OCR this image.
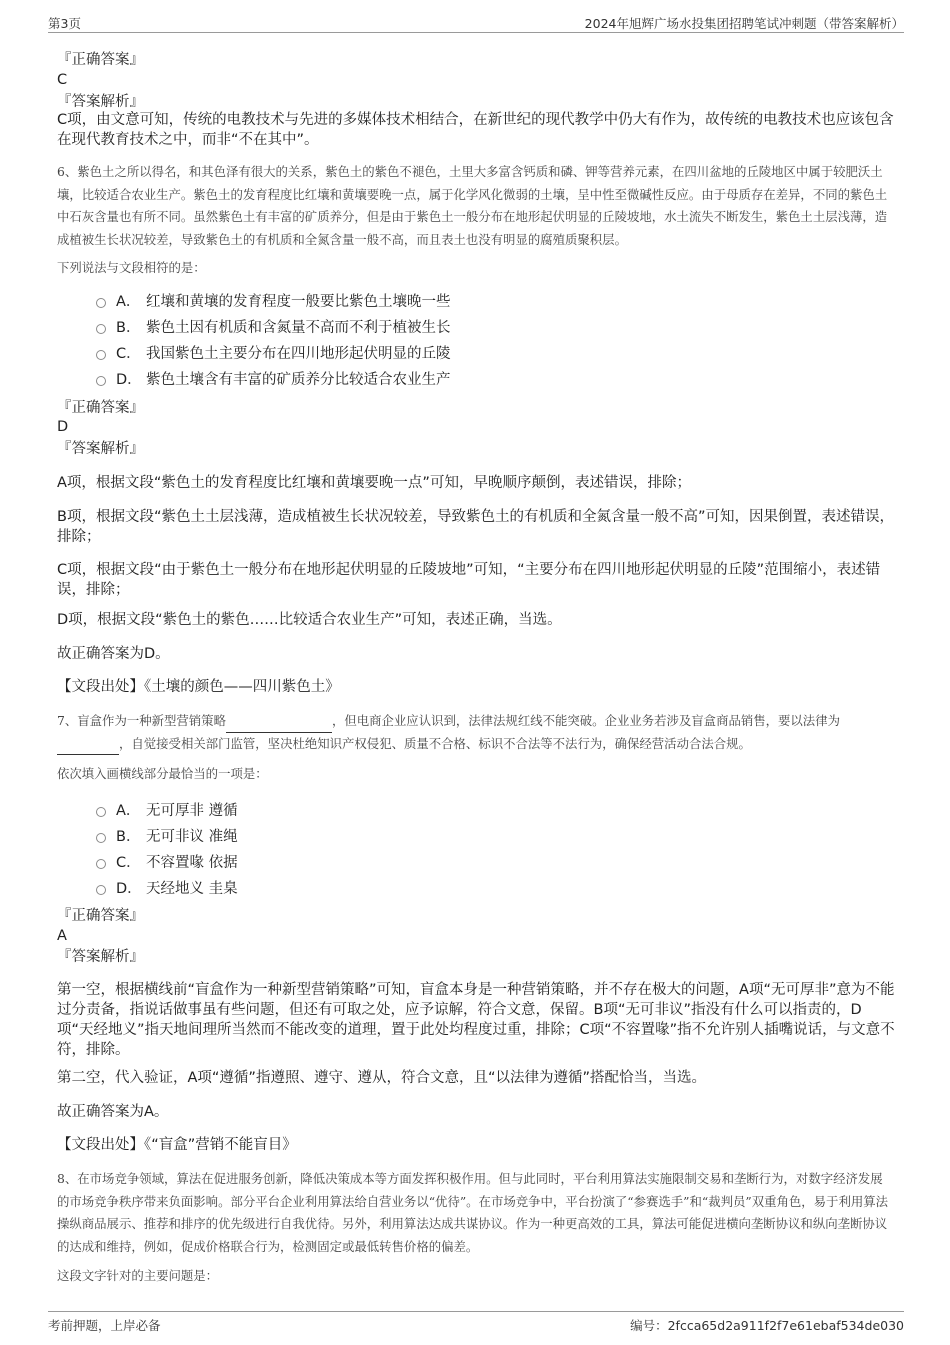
第3页	2024年旭辉广场水投集团招聘笔试冲刺题（带答案解析）
『正确答案』
C
『答案解析』
C项，由文意可知，传统的电教技术与先进的多媒体技术相结合，在新世纪的现代教学中仍大有作为，故传统的电教技术也应该包含在现代教育技术之中，而非“不在其中”。
6、紫色土之所以得名，和其色泽有很大的关系，紫色土的紫色不褪色，土里大多富含钙质和磷、钾等营养元素，在四川盆地的丘陵地区中属于较肥沃土壤，比较适合农业生产。紫色土的发育程度比红壤和黄壤要晚一点，属于化学风化微弱的土壤，呈中性至微碱性反应。由于母质存在差异，不同的紫色土中石灰含量也有所不同。虽然紫色土有丰富的矿质养分，但是由于紫色土一般分布在地形起伏明显的丘陵坡地，水土流失不断发生，紫色土土层浅薄，造成植被生长状况较差，导致紫色土的有机质和全氮含量一般不高，而且表土也没有明显的腐殖质聚积层。
下列说法与文段相符的是：
A． 红壤和黄壤的发育程度一般要比紫色土壤晚一些
B． 紫色土因有机质和含氮量不高而不利于植被生长
C． 我国紫色土主要分布在四川地形起伏明显的丘陵
D． 紫色土壤含有丰富的矿质养分比较适合农业生产
『正确答案』
D
『答案解析』
A项，根据文段“紫色土的发育程度比红壤和黄壤要晚一点”可知，早晚顺序颠倒，表述错误，排除；
B项，根据文段“紫色土土层浅薄，造成植被生长状况较差，导致紫色土的有机质和全氮含量一般不高”可知，因果倒置，表述错误，排除；
C项，根据文段“由于紫色土一般分布在地形起伏明显的丘陵坡地”可知，“主要分布在四川地形起伏明显的丘陵”范围缩小，表述错误，排除；
D项，根据文段“紫色土的紫色……比较适合农业生产”可知，表述正确，当选。
故正确答案为D。
【文段出处】《土壤的颜色——四川紫色土》
7、盲盒作为一种新型营销策略	，但电商企业应认识到，法律法规红线不能突破。企业业务若涉及盲盒商品销售，要以法律为，自觉接受相关部门监管，坚决杜绝知识产权侵犯、质量不合格、标识不合法等不法行为，确保经营活动合法合规。
依次填入画横线部分最恰当的一项是：
A． 无可厚非 遵循
B． 无可非议 准绳
C． 不容置喙 依据
D． 天经地义 圭臬
『正确答案』
A
『答案解析』
第一空，根据横线前“盲盒作为一种新型营销策略”可知，盲盒本身是一种营销策略，并不存在极大的问题，A项“无可厚非”意为不能过分责备，指说话做事虽有些问题，但还有可取之处，应予谅解，符合文意，保留。B项“无可非议”指没有什么可以指责的，D项“天经地义”指天地间理所当然而不能改变的道理，置于此处均程度过重，排除；C项“不容置喙”指不允许别人插嘴说话，与文意不符，排除。
第二空，代入验证，A项“遵循”指遵照、遵守、遵从，符合文意，且“以法律为遵循”搭配恰当，当选。
故正确答案为A。
【文段出处】《“盲盒”营销不能盲目》
8、在市场竞争领域，算法在促进服务创新，降低决策成本等方面发挥积极作用。但与此同时，平台利用算法实施限制交易和垄断行为，对数字经济发展的市场竞争秩序带来负面影响。部分平台企业利用算法给自营业务以“优待”。在市场竞争中，平台扮演了“参赛选手”和“裁判员”双重角色，易于利用算法操纵商品展示、推荐和排序的优先级进行自我优待。另外，利用算法达成共谋协议。作为一种更高效的工具，算法可能促进横向垄断协议和纵向垄断协议的达成和维持，例如，促成价格联合行为，检测固定或最低转售价格的偏差。
这段文字针对的主要问题是：
考前押题，上岸必备	编号：2fcca65d2a911f2f7e61ebaf534de030
